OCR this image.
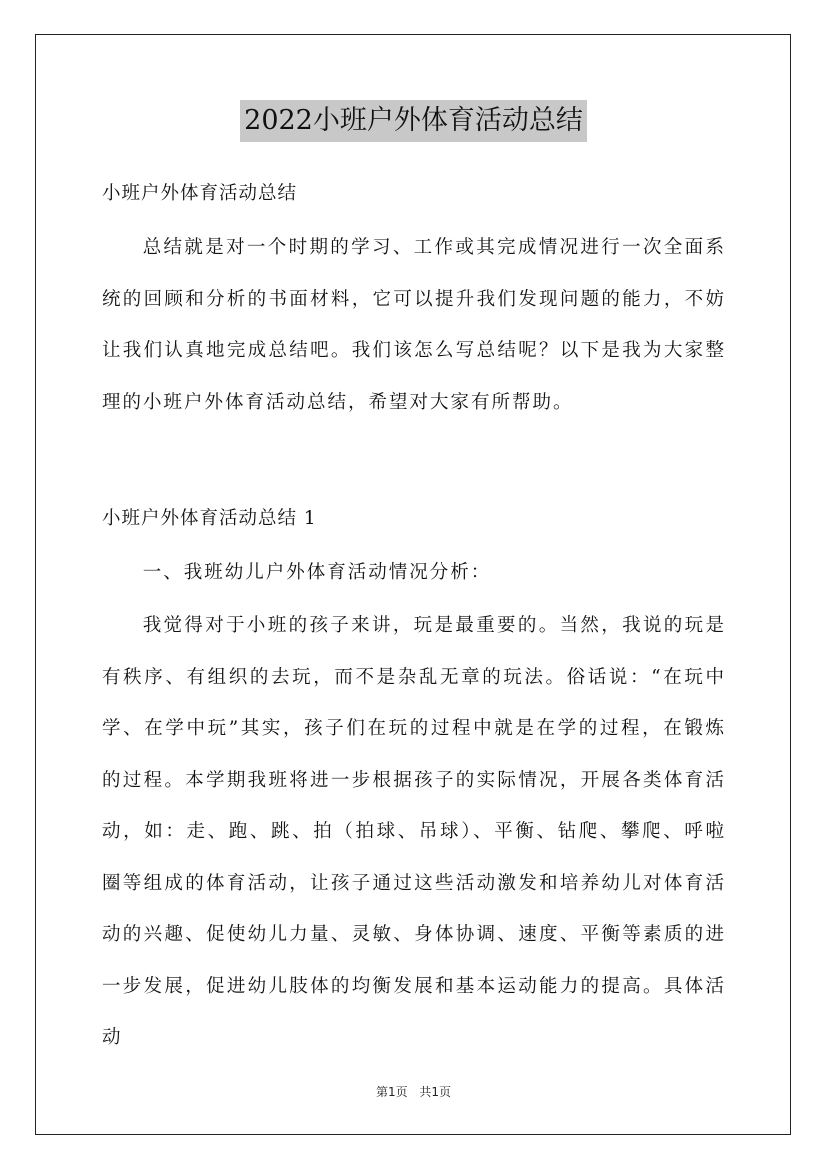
2022小班户外体育活动总结
小班户外体育活动总结
总结就是对一个时期的学习、工作或其完成情况进行一次全面系统的回顾和分析的书面材料，它可以提升我们发现问题的能力，不妨让我们认真地完成总结吧。我们该怎么写总结呢？以下是我为大家整理的小班户外体育活动总结，希望对大家有所帮助。
小班户外体育活动总结 1
一、我班幼儿户外体育活动情况分析：
我觉得对于小班的孩子来讲，玩是最重要的。当然，我说的玩是有秩序、有组织的去玩，而不是杂乱无章的玩法。俗话说：“在玩中学、在学中玩”其实，孩子们在玩的过程中就是在学的过程，在锻炼的过程。本学期我班将进一步根据孩子的实际情况，开展各类体育活动，如：走、跑、跳、拍（拍球、吊球）、平衡、钻爬、攀爬、呼啦圈等组成的体育活动，让孩子通过这些活动激发和培养幼儿对体育活动的兴趣、促使幼儿力量、灵敏、身体协调、速度、平衡等素质的进一步发展，促进幼儿肢体的均衡发展和基本运动能力的提高。具体活动
第1页 共1页
